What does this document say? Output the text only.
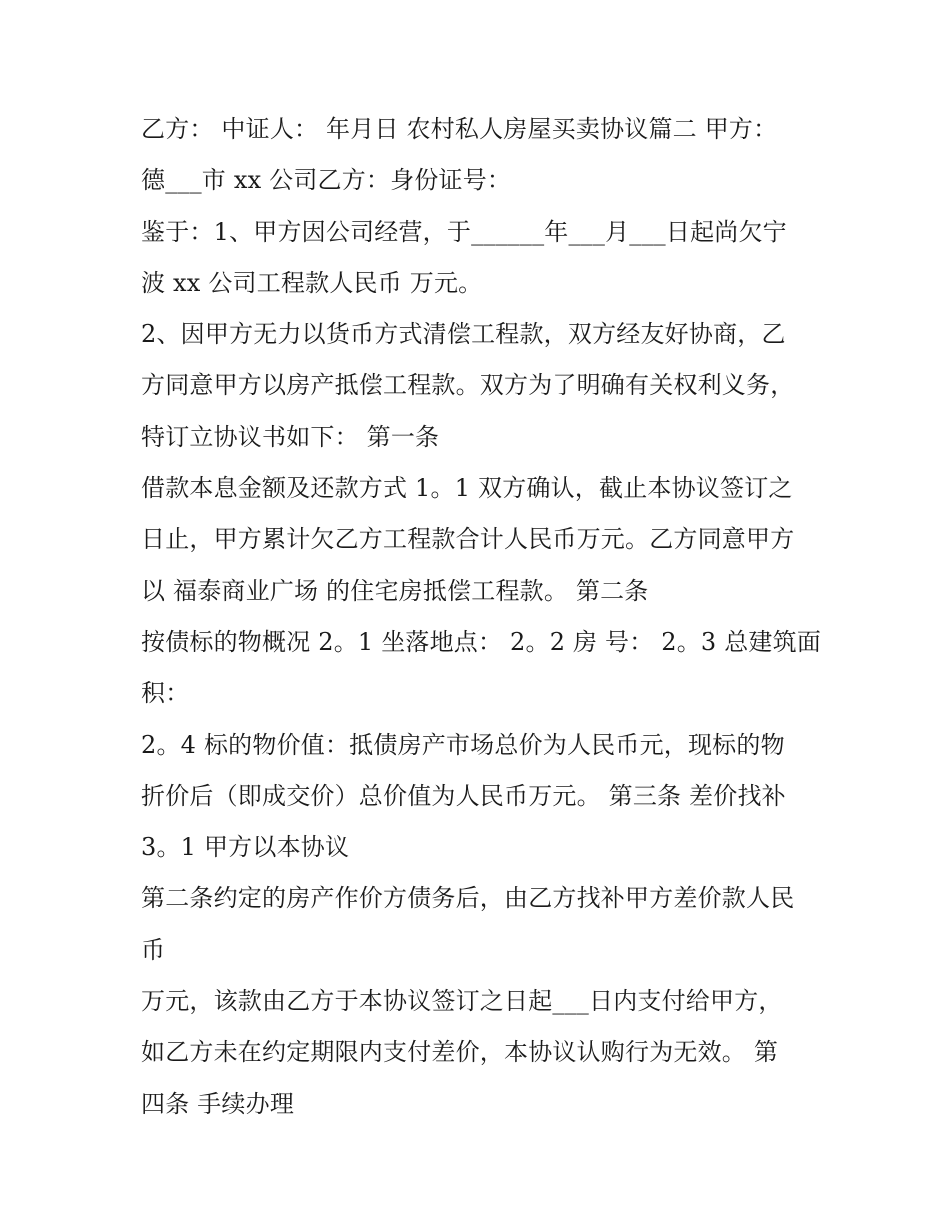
乙方： 中证人： 年月日 农村私人房屋买卖协议篇二 甲方：
德___市 xx 公司乙方：身份证号：
鉴于：1、甲方因公司经营，于______年___月___日起尚欠宁
波 xx 公司工程款人民币 万元。
2、因甲方无力以货币方式清偿工程款，双方经友好协商，乙
方同意甲方以房产抵偿工程款。双方为了明确有关权利义务，
特订立协议书如下： 第一条
借款本息金额及还款方式 1。1 双方确认，截止本协议签订之
日止，甲方累计欠乙方工程款合计人民币万元。乙方同意甲方
以 福泰商业广场 的住宅房抵偿工程款。 第二条
按债标的物概况 2。1 坐落地点： 2。2 房 号： 2。3 总建筑面
积：
2。4 标的物价值：抵债房产市场总价为人民币元，现标的物
折价后（即成交价）总价值为人民币万元。 第三条 差价找补
3。1 甲方以本协议
第二条约定的房产作价方债务后，由乙方找补甲方差价款人民
币
万元，该款由乙方于本协议签订之日起___日内支付给甲方，
如乙方未在约定期限内支付差价，本协议认购行为无效。 第
四条 手续办理
